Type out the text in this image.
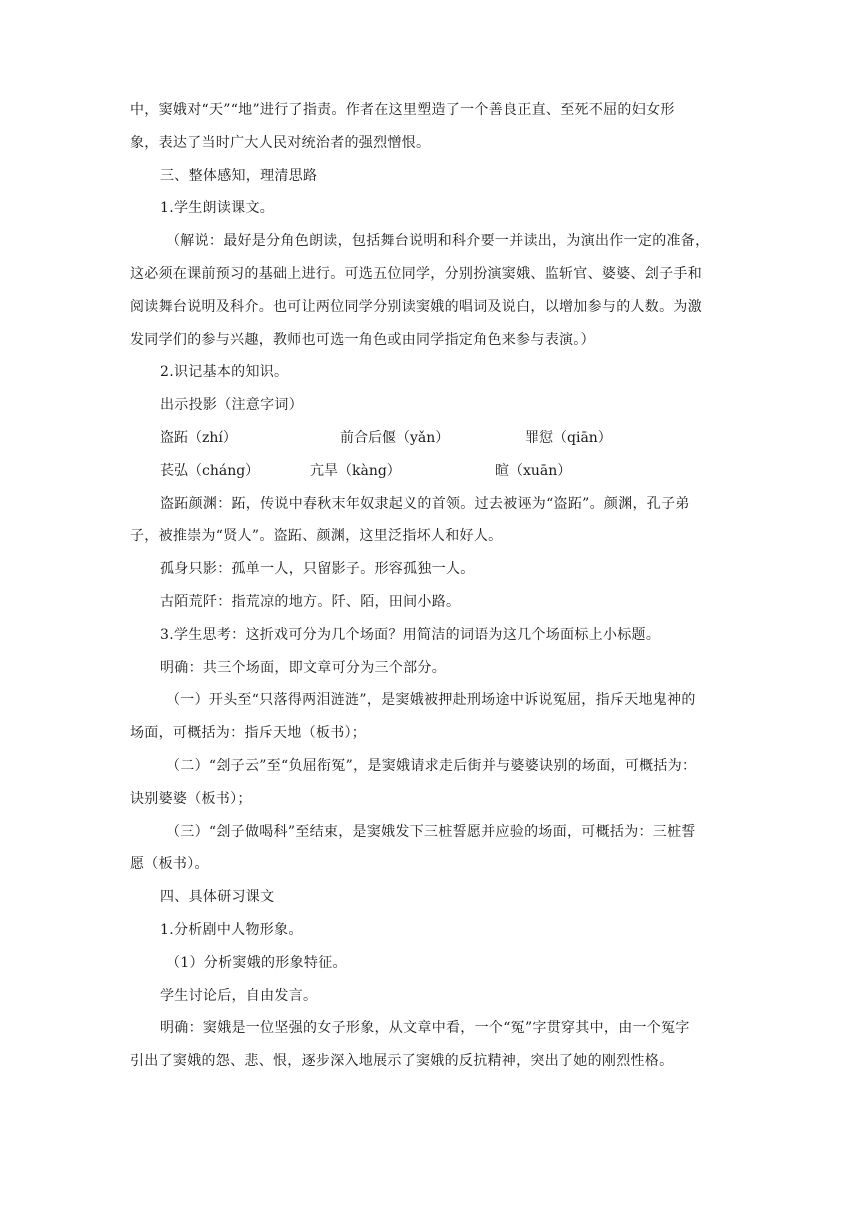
中，窦娥对“天”“地”进行了指责。作者在这里塑造了一个善良正直、至死不屈的妇女形
象，表达了当时广大人民对统治者的强烈憎恨。
三、整体感知，理清思路
1.学生朗读课文。
（解说：最好是分角色朗读，包括舞台说明和科介要一并读出，为演出作一定的准备，
这必须在课前预习的基础上进行。可选五位同学，分别扮演窦娥、监斩官、婆婆、刽子手和
阅读舞台说明及科介。也可让两位同学分别读窦娥的唱词及说白，以增加参与的人数。为激
发同学们的参与兴趣，教师也可选一角色或由同学指定角色来参与表演。）
2.识记基本的知识。
出示投影（注意字词）
盗跖（zhí）	前合后偃（yǎn）	罪愆（qiān）
苌弘（cháng）	亢旱（kàng）	暄（xuān）
盗跖颜渊：跖，传说中春秋末年奴隶起义的首领。过去被诬为“盗跖”。颜渊，孔子弟
子，被推崇为“贤人”。盗跖、颜渊，这里泛指坏人和好人。
孤身只影：孤单一人，只留影子。形容孤独一人。
古陌荒阡：指荒凉的地方。阡、陌，田间小路。
3.学生思考：这折戏可分为几个场面？用简洁的词语为这几个场面标上小标题。
明确：共三个场面，即文章可分为三个部分。
（一）开头至“只落得两泪涟涟”，是窦娥被押赴刑场途中诉说冤屈，指斥天地鬼神的
场面，可概括为：指斥天地（板书）；
（二）“刽子云”至“负屈衔冤”，是窦娥请求走后街并与婆婆诀别的场面，可概括为：
诀别婆婆（板书）；
（三）“刽子做喝科”至结束，是窦娥发下三桩誓愿并应验的场面，可概括为：三桩誓
愿（板书）。
四、具体研习课文
1.分析剧中人物形象。
（1）分析窦娥的形象特征。
学生讨论后，自由发言。
明确：窦娥是一位坚强的女子形象，从文章中看，一个“冤”字贯穿其中，由一个冤字
引出了窦娥的怨、悲、恨，逐步深入地展示了窦娥的反抗精神，突出了她的刚烈性格。
